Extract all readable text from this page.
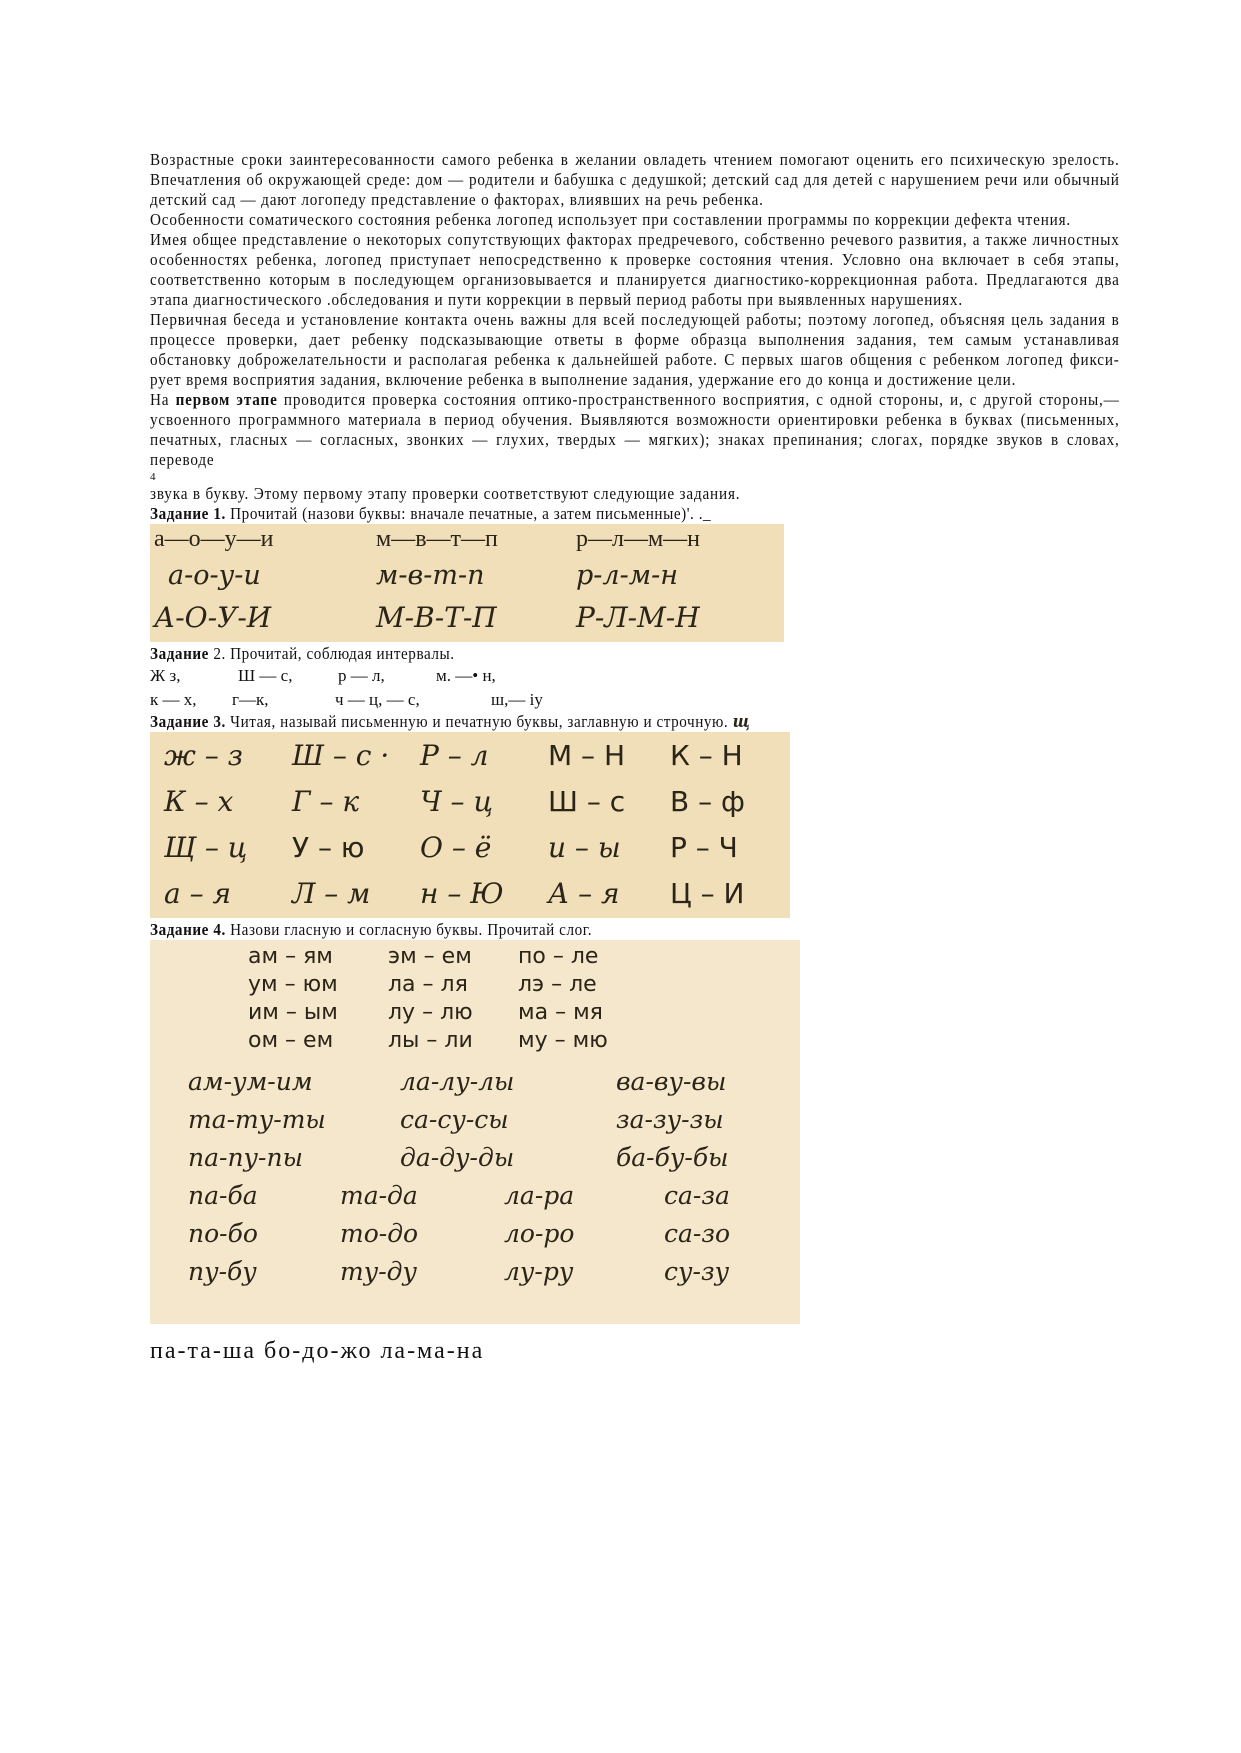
Возрастные сроки заинтересованности самого ребенка в желании овладеть чтением помогают оценить его психическую зрелость. Впечатления об окружающей среде: дом — родители и бабушка с дедушкой; детский сад для детей с нарушением речи или обычный детский сад — дают логопеду представление о факторах, влиявших на речь ребенка.

Особенности соматического состояния ребенка логопед использует при составлении программы по коррекции дефекта чтения.

Имея общее представление о некоторых сопутствующих факторах предречевого, собственно речевого развития, а также личностных особенностях ребенка, логопед приступает непосредственно к проверке состояния чтения. Условно она включает в себя этапы, соответственно которым в последующем организовывается и планируется диагностико-коррекционная работа. Предлагаются два этапа диагностического .обследования и пути коррекции в первый период работы при выявленных нарушениях.

Первичная беседа и установление контакта очень важны для всей последующей работы; поэтому логопед, объясняя цель задания в процессе проверки, дает ребенку подсказывающие ответы в форме образца выполнения задания, тем самым устанавливая обстановку доброжелательности и располагая ребенка к дальнейшей работе. С первых шагов общения с ребенком логопед фикси-рует время восприятия задания, включение ребенка в выполнение задания, удержание его до конца и достижение цели.

На первом этапе проводится проверка состояния оптико-пространственного восприятия, с одной стороны, и, с другой стороны,— усвоенного программного материала в период обучения. Выявляются возможности ориентировки ребенка в буквах (письменных, печатных, гласных — согласных, звонких — глухих, твердых — мягких); знаках препинания; слогах, порядке звуков в словах, переводе

4

звука в букву. Этому первому этапу проверки соответствуют следующие задания.

Задание 1. Прочитай (назови буквы: вначале печатные, а затем письменные)'. ._
а—о—у—и	м—в—т—п	р—л—м—н
а-о-у-и	м-в-т-п	р-л-м-н
А-О-У-И	М-В-Т-П	Р-Л-М-Н
Задание 2. Прочитай, соблюдая интервалы.
Ж з,	Ш — с,	р — л,	м. —• н,
к — х, г—к,	ч — ц, — с,	ш,— іу
Задание 3. Читая, называй письменную и печатную буквы, заглавную и строчную. щ
ж – з	Ш – с ·	Р – л	М – Н	К – Н
К – х	Г – к	Ч – ц	Ш – с	В – ф
Щ – ц	У – ю	О – ё	и – ы	Р – Ч
а – я	Л – м	н – Ю	А – я	Ц – И
Задание 4. Назови гласную и согласную буквы. Прочитай слог.
ам – ям	эм – ем	по – ле
ум – юм	ла – ля	лэ – ле
им – ым	лу – лю	ма – мя
ом – ем	лы – ли	му – мю
ам-ум-им	ла-лу-лы	ва-ву-вы
та-ту-ты	са-су-сы	за-зу-зы
па-пу-пы	да-ду-ды	ба-бу-бы
па-ба	та-да	ла-ра	са-за
по-бо	то-до	ло-ро	са-зо
пу-бу	ту-ду	лу-ру	су-зу
па-та-ша бо-до-жо ла-ма-на
